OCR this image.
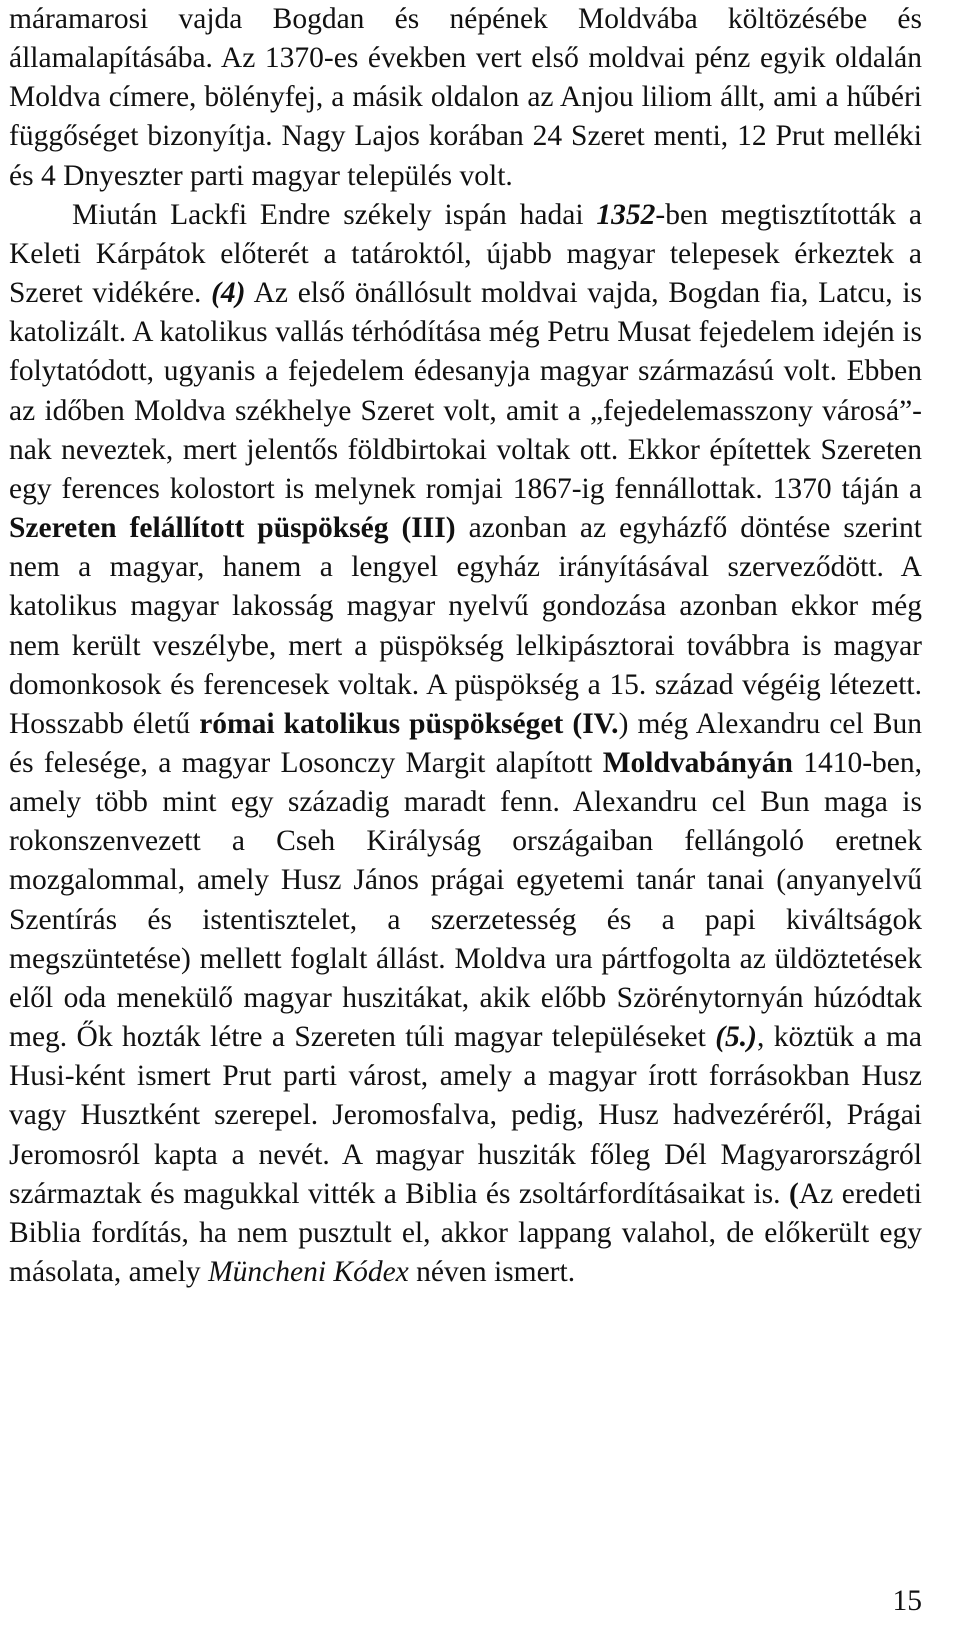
máramarosi vajda Bogdan és népének Moldvába költözésébe és államalapításába. Az 1370-es években vert első moldvai pénz egyik oldalán Moldva címere, bölényfej, a másik oldalon az Anjou liliom állt, ami a hűbéri függőséget bizonyítja. Nagy Lajos korában 24 Szeret menti, 12 Prut melléki és 4 Dnyeszter parti magyar település volt.

Miután Lackfi Endre székely ispán hadai 1352-ben megtisztították a Keleti Kárpátok előterét a tatároktól, újabb magyar telepesek érkeztek a Szeret vidékére. (4) Az első önállósult moldvai vajda, Bogdan fia, Latcu, is katolizált. A katolikus vallás térhódítása még Petru Musat fejedelem idején is folytatódott, ugyanis a fejedelem édesanyja magyar származású volt. Ebben az időben Moldva székhelye Szeret volt, amit a „fejedelemasszony városá”-nak neveztek, mert jelentős földbirtokai voltak ott. Ekkor építettek Szereten egy ferences kolostort is melynek romjai 1867-ig fennállottak. 1370 táján a Szereten felállított püspökség (III) azonban az egyházfő döntése szerint nem a magyar, hanem a lengyel egyház irányításával szerveződött. A katolikus magyar lakosság magyar nyelvű gondozása azonban ekkor még nem került veszélybe, mert a püspökség lelkipásztorai továbbra is magyar domonkosok és ferencesek voltak. A püspökség a 15. század végéig létezett. Hosszabb életű római katolikus püspökséget (IV.) még Alexandru cel Bun és felesége, a magyar Losonczy Margit alapított Moldvabányán 1410-ben, amely több mint egy századig maradt fenn. Alexandru cel Bun maga is rokonszenvezett a Cseh Királyság országaiban fellángoló eretnek mozgalommal, amely Husz János prágai egyetemi tanár tanai (anyanyelvű Szentírás és istentisztelet, a szerzetesség és a papi kiváltságok megszüntetése) mellett foglalt állást. Moldva ura pártfogolta az üldöztetések elől oda menekülő magyar huszitákat, akik előbb Szörénytornyán húzódtak meg. Ők hozták létre a Szereten túli magyar településeket (5.), köztük a ma Husi-ként ismert Prut parti várost, amely a magyar írott forrásokban Husz vagy Husztként szerepel. Jeromosfalva, pedig, Husz hadvezéréről, Prágai Jeromosról kapta a nevét. A magyar husziták főleg Dél Magyarországról származtak és magukkal vitték a Biblia és zsoltárfordításaikat is. (Az eredeti Biblia fordítás, ha nem pusztult el, akkor lappang valahol, de előkerült egy másolata, amely Müncheni Kódex néven ismert.

15
